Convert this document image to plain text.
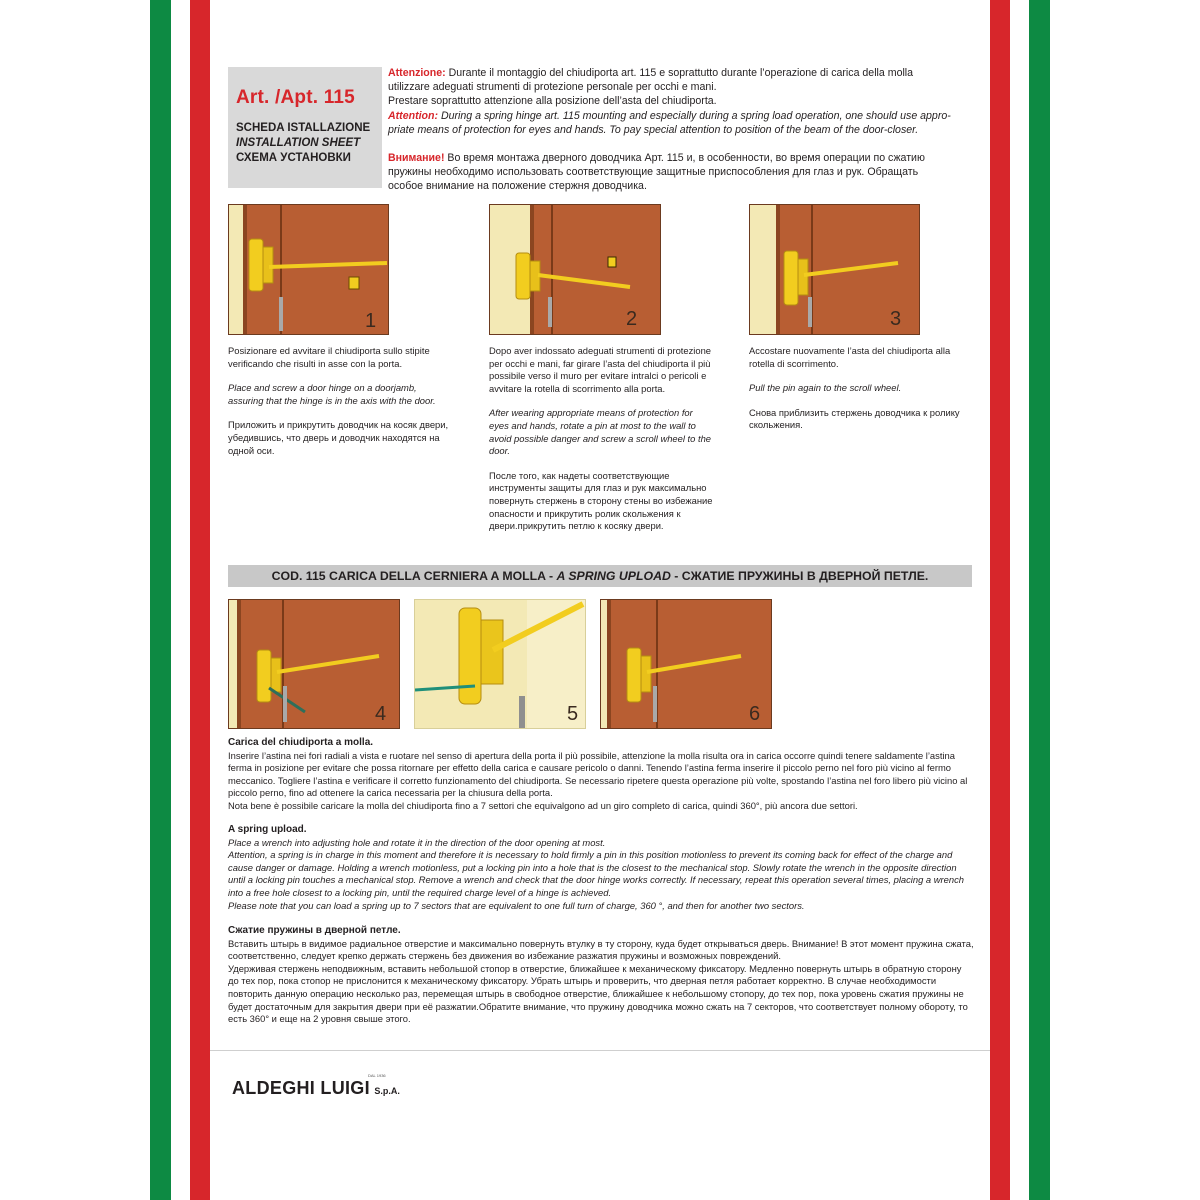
Art. /Apt. 115
SCHEDA ISTALLAZIONE
INSTALLATION SHEET
СХЕМА УСТАНОВКИ
Attenzione: Durante il montaggio del chiudiporta art. 115 e soprattutto durante l’operazione di carica della molla
utilizzare adeguati strumenti di protezione personale per occhi e mani.
Prestare soprattutto attenzione alla posizione dell’asta del chiudiporta.
Attention: During a spring hinge art. 115 mounting and especially during a spring load operation, one should use appro-
priate means of protection for eyes and hands. To pay special attention to position of the beam of the door-closer.
Внимание! Во время монтажа дверного доводчика Арт. 115 и, в особенности, во время операции по сжатию
пружины необходимо использовать соответствующие защитные приспособления для глаз и рук. Обращать
особое внимание на положение стержня доводчика.
1	2	3

Posizionare ed avvitare il chiudiporta sullo stipite verificando che risulti in asse con la porta.

Place and screw a door hinge on a doorjamb, assuring that the hinge is in the axis with the door.

Приложить и прикрутить доводчик на косяк двери, убедившись, что дверь и доводчик находятся на одной оси.

Dopo aver indossato adeguati strumenti di protezione per occhi e mani, far girare l’asta del chiudiporta il più possibile verso il muro per evitare intralci o pericoli e avvitare la rotella di scorrimento alla porta.

After wearing appropriate means of protection for eyes and hands, rotate a pin at most to the wall to avoid possible danger and screw a scroll wheel to the door.

После того, как надеты соответствующие инструменты защиты для глаз и рук максимально повернуть стержень в сторону стены во избежание опасности и прикрутить ролик скольжения к двери.прикрутить петлю к косяку двери.

Accostare nuovamente l’asta del chiudiporta alla rotella di scorrimento.

Pull the pin again to the scroll wheel.

Снова приблизить стержень доводчика к ролику скольжения.

COD. 115 CARICA DELLA CERNIERA A MOLLA - A SPRING UPLOAD - СЖАТИЕ ПРУЖИНЫ В ДВЕРНОЙ ПЕТЛЕ.
4	5	6

Carica del chiudiporta a molla.

Inserire l’astina nei fori radiali a vista e ruotare nel senso di apertura della porta il più possibile, attenzione la molla risulta ora in carica occorre quindi tenere saldamente l’astina ferma in posizione per evitare che possa ritornare per effetto della carica e causare pericolo o danni. Tenendo l’astina ferma inserire il piccolo perno nel foro più vicino al fermo meccanico. Togliere l’astina e verificare il corretto funzionamento del chiudiporta. Se necessario ripetere questa operazione più volte, spostando l’astina nel foro libero più vicino al piccolo perno, fino ad ottenere la carica necessaria per la chiusura della porta.

Nota bene è possibile caricare la molla del chiudiporta fino a 7 settori che equivalgono ad un giro completo di carica, quindi 360°, più ancora due settori.

A spring upload.

Place a wrench into adjusting hole and rotate it in the direction of the door opening at most.

Attention, a spring is in charge in this moment and therefore it is necessary to hold firmly a pin in this position motionless to prevent its coming back for effect of the charge and cause danger or damage. Holding a wrench motionless, put a locking pin into a hole that is the closest to the mechanical stop. Slowly rotate the wrench in the opposite direction until a locking pin touches a mechanical stop. Remove a wrench and check that the door hinge works correctly. If necessary, repeat this operation several times, placing a wrench into a free hole closest to a locking pin, until the required charge level of a hinge is achieved.

Please note that you can load a spring up to 7 sectors that are equivalent to one full turn of charge, 360 °, and then for another two sectors.

Сжатие пружины в дверной петле.

Вставить штырь в видимое радиальное отверстие и максимально повернуть втулку в ту сторону, куда будет открываться дверь. Внимание! В этот момент пружина сжата, соответственно, следует крепко держать стержень без движения во избежание разжатия пружины и возможных повреждений.

Удерживая стержень неподвижным, вставить небольшой стопор в отверстие, ближайшее к механическому фиксатору. Медленно повернуть штырь в обратную сторону до тех пор, пока стопор не прислонится к механическому фиксатору. Убрать штырь и проверить, что дверная петля работает корректно. В случае необходимости повторить данную операцию несколько раз, перемещая штырь в свободное отверстие, ближайшее к небольшому стопору, до тех пор, пока уровень сжатия пружины не будет достаточным для закрытия двери при её разжатии.Обратите внимание, что пружину доводчика можно сжать на 7 секторов, что соответствует полному обороту, то есть 360° и еще на 2 уровня свыше этого.

ALDEGHI LUIGI S.p.A.
DAL 1936
